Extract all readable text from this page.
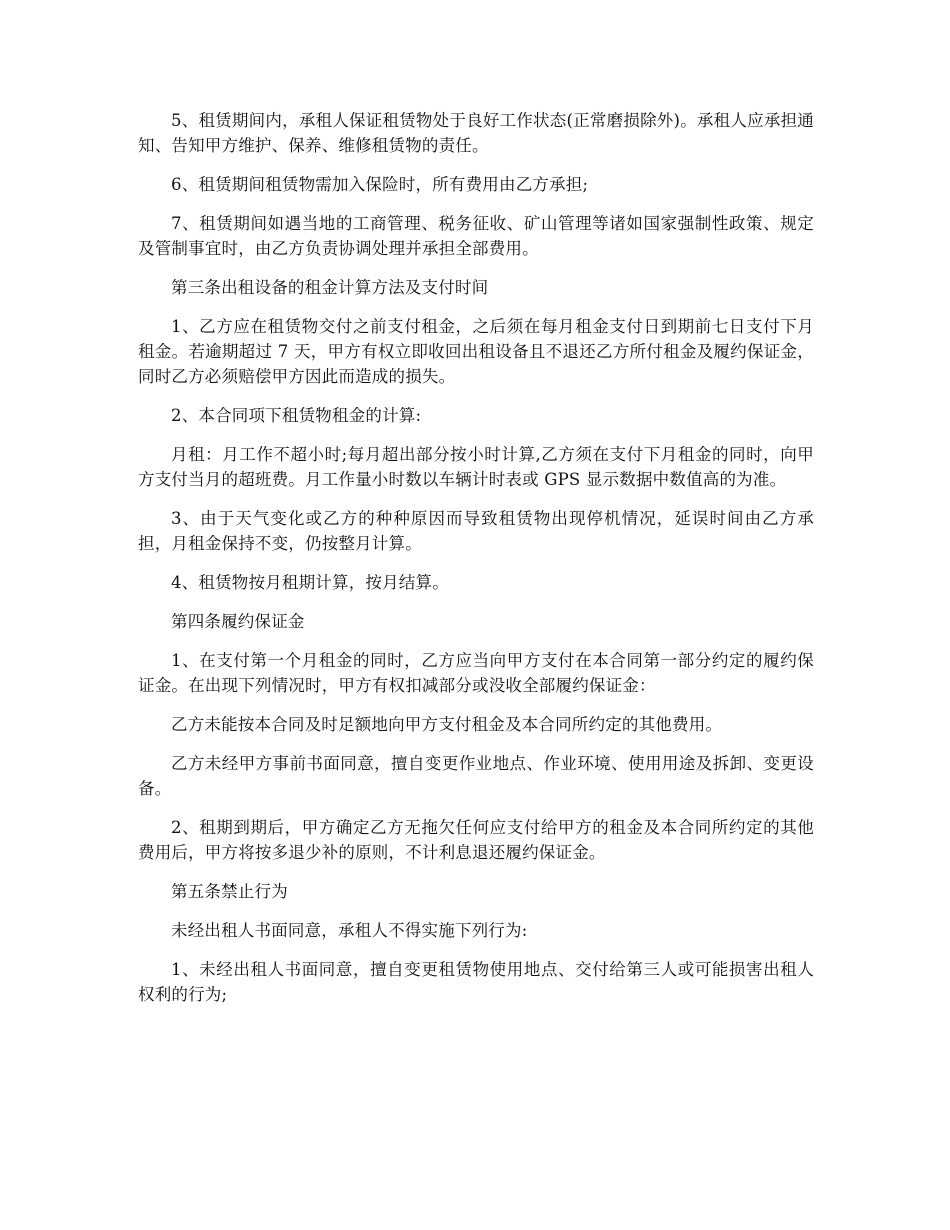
5、租赁期间内，承租人保证租赁物处于良好工作状态(正常磨损除外)。承租人应承担通知、告知甲方维护、保养、维修租赁物的责任。

6、租赁期间租赁物需加入保险时，所有费用由乙方承担;

7、租赁期间如遇当地的工商管理、税务征收、矿山管理等诸如国家强制性政策、规定及管制事宜时，由乙方负责协调处理并承担全部费用。

第三条出租设备的租金计算方法及支付时间

1、乙方应在租赁物交付之前支付租金，之后须在每月租金支付日到期前七日支付下月租金。若逾期超过 7 天，甲方有权立即收回出租设备且不退还乙方所付租金及履约保证金，同时乙方必须赔偿甲方因此而造成的损失。

2、本合同项下租赁物租金的计算:

月租：月工作不超小时;每月超出部分按小时计算,乙方须在支付下月租金的同时，向甲方支付当月的超班费。月工作量小时数以车辆计时表或 GPS 显示数据中数值高的为准。

3、由于天气变化或乙方的种种原因而导致租赁物出现停机情况，延误时间由乙方承担，月租金保持不变，仍按整月计算。

4、租赁物按月租期计算，按月结算。

第四条履约保证金

1、在支付第一个月租金的同时，乙方应当向甲方支付在本合同第一部分约定的履约保证金。在出现下列情况时，甲方有权扣减部分或没收全部履约保证金：

乙方未能按本合同及时足额地向甲方支付租金及本合同所约定的其他费用。

乙方未经甲方事前书面同意，擅自变更作业地点、作业环境、使用用途及拆卸、变更设备。

2、租期到期后，甲方确定乙方无拖欠任何应支付给甲方的租金及本合同所约定的其他费用后，甲方将按多退少补的原则，不计利息退还履约保证金。

第五条禁止行为

未经出租人书面同意，承租人不得实施下列行为:

1、未经出租人书面同意，擅自变更租赁物使用地点、交付给第三人或可能损害出租人权利的行为;
